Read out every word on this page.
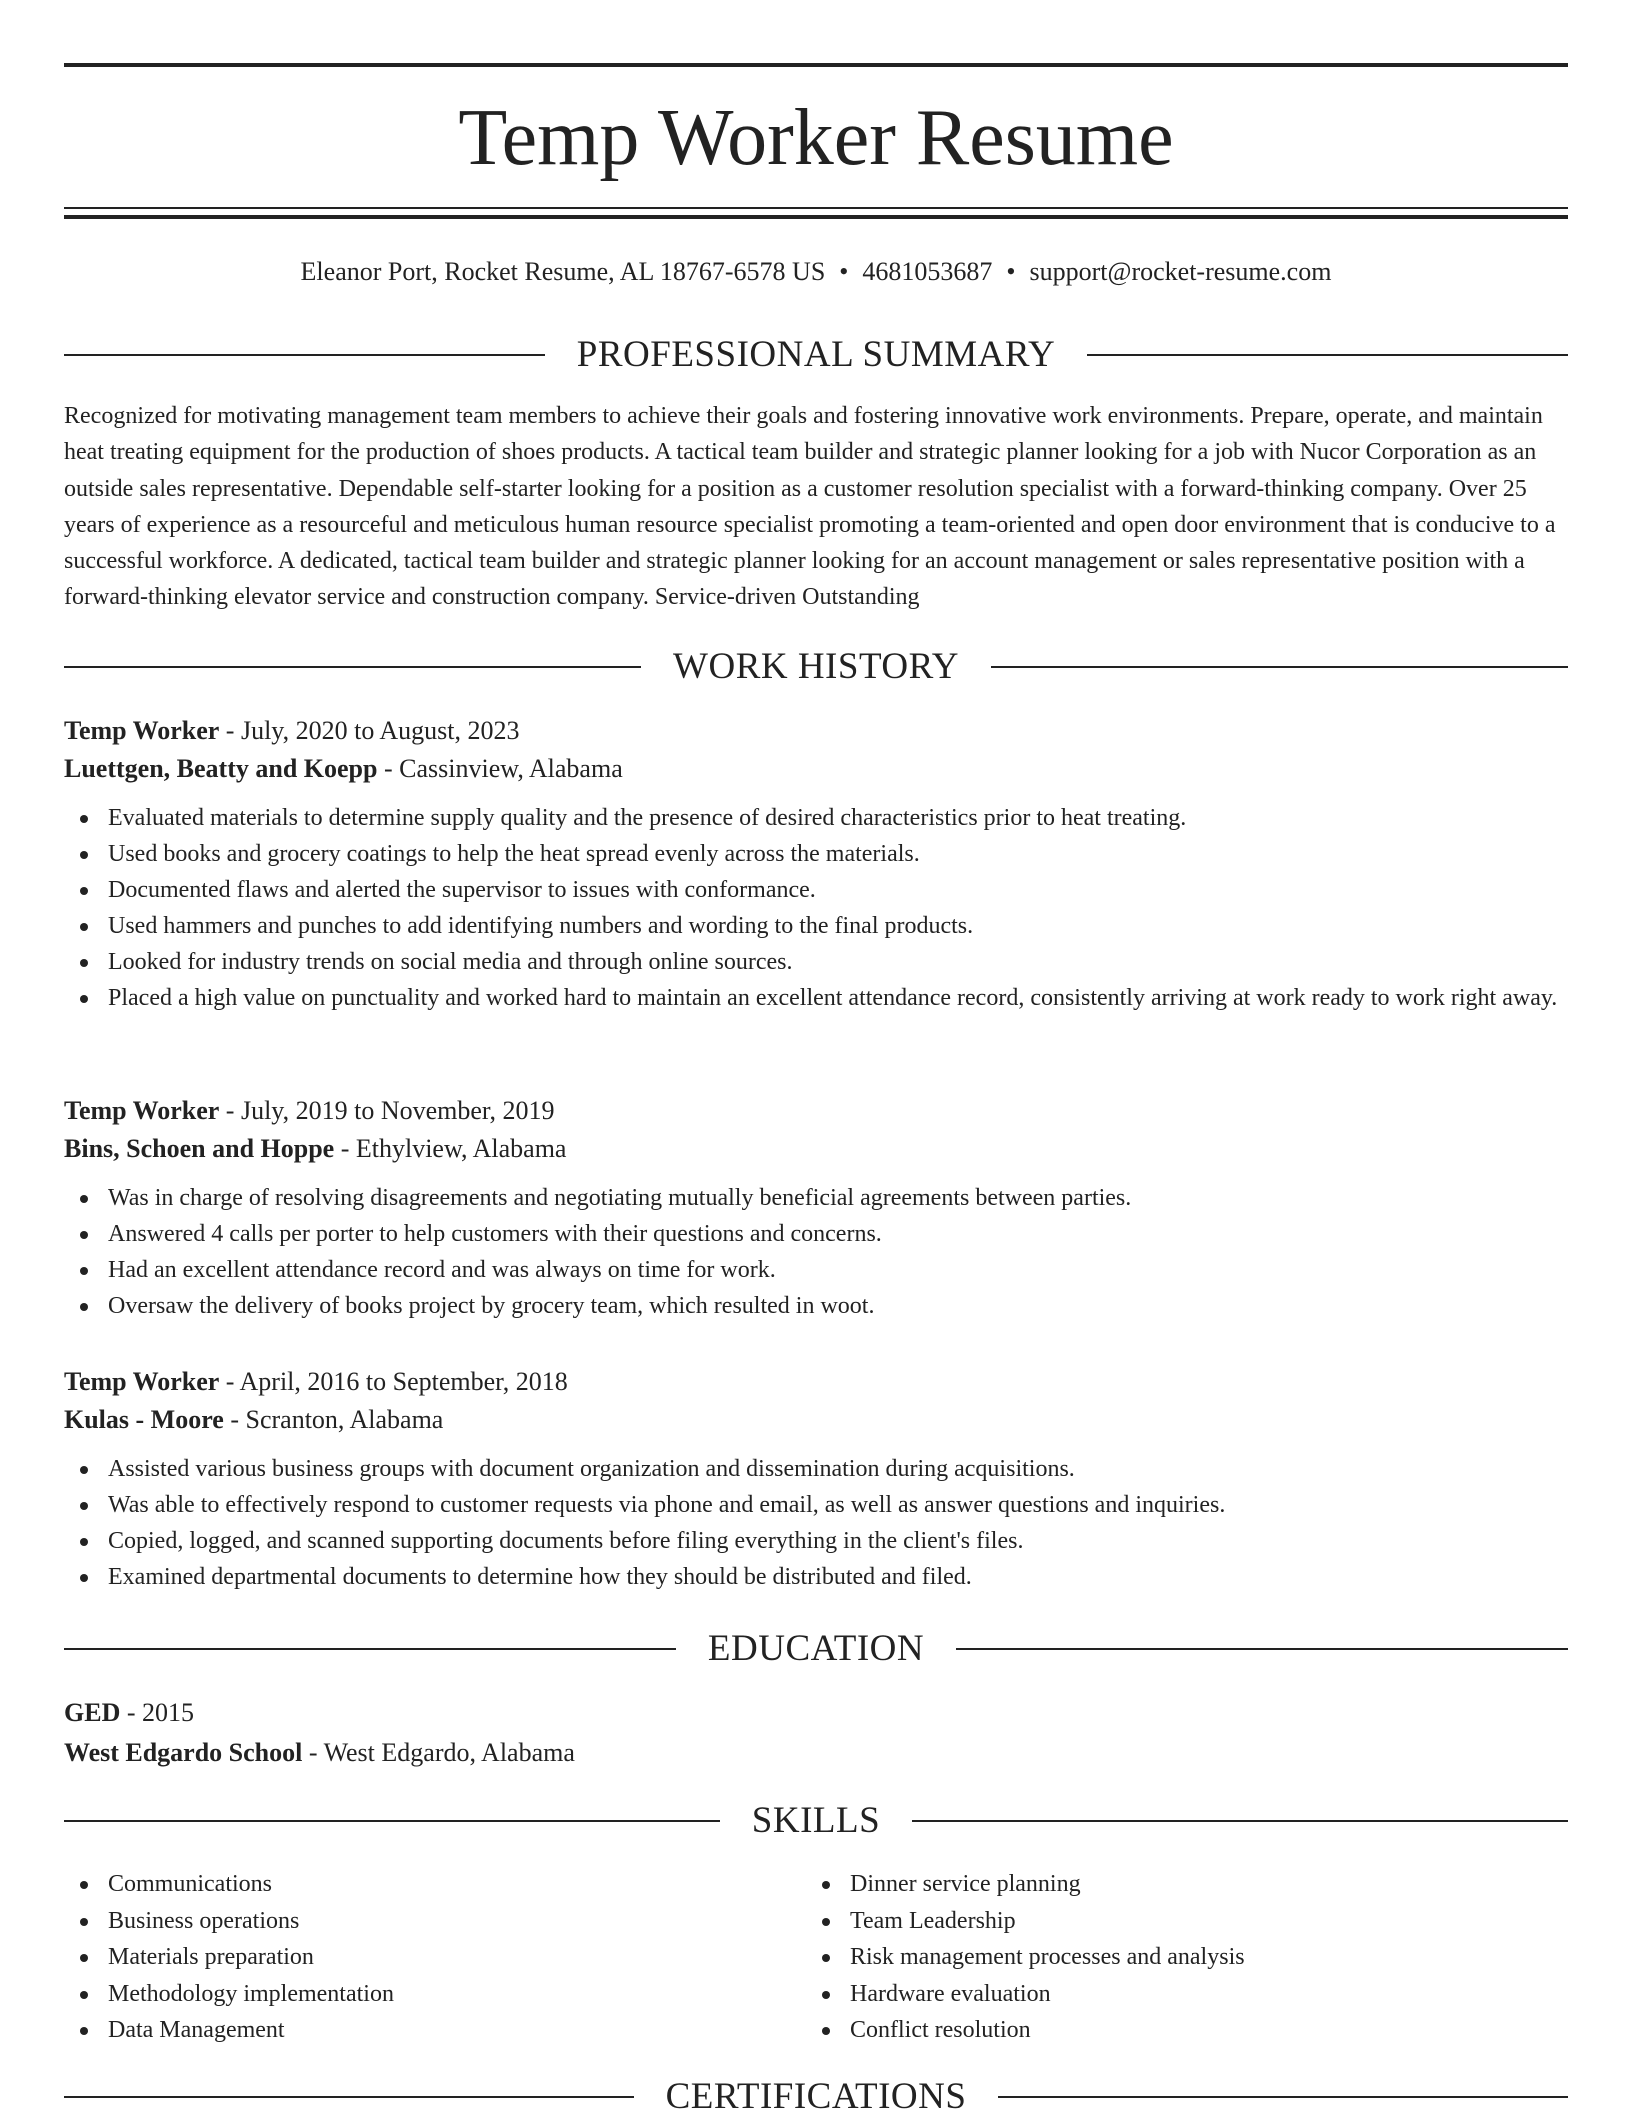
Temp Worker Resume
Eleanor Port, Rocket Resume, AL 18767-6578 US • 4681053687 • support@rocket-resume.com
PROFESSIONAL SUMMARY

Recognized for motivating management team members to achieve their goals and fostering innovative work environments. Prepare, operate, and maintain heat treating equipment for the production of shoes products. A tactical team builder and strategic planner looking for a job with Nucor Corporation as an outside sales representative. Dependable self-starter looking for a position as a customer resolution specialist with a forward-thinking company. Over 25 years of experience as a resourceful and meticulous human resource specialist promoting a team-oriented and open door environment that is conducive to a successful workforce. A dedicated, tactical team builder and strategic planner looking for an account management or sales representative position with a forward-thinking elevator service and construction company. Service-driven Outstanding

WORK HISTORY
Temp Worker - July, 2020 to August, 2023
Luettgen, Beatty and Koepp - Cassinview, Alabama
Evaluated materials to determine supply quality and the presence of desired characteristics prior to heat treating.
Used books and grocery coatings to help the heat spread evenly across the materials.
Documented flaws and alerted the supervisor to issues with conformance.
Used hammers and punches to add identifying numbers and wording to the final products.
Looked for industry trends on social media and through online sources.
Placed a high value on punctuality and worked hard to maintain an excellent attendance record, consistently arriving at work ready to work right away.
Temp Worker - July, 2019 to November, 2019
Bins, Schoen and Hoppe - Ethylview, Alabama
Was in charge of resolving disagreements and negotiating mutually beneficial agreements between parties.
Answered 4 calls per porter to help customers with their questions and concerns.
Had an excellent attendance record and was always on time for work.
Oversaw the delivery of books project by grocery team, which resulted in woot.
Temp Worker - April, 2016 to September, 2018
Kulas - Moore - Scranton, Alabama
Assisted various business groups with document organization and dissemination during acquisitions.
Was able to effectively respond to customer requests via phone and email, as well as answer questions and inquiries.
Copied, logged, and scanned supporting documents before filing everything in the client's files.
Examined departmental documents to determine how they should be distributed and filed.
EDUCATION
GED - 2015
West Edgardo School - West Edgardo, Alabama
SKILLS
Communications
Business operations
Materials preparation
Methodology implementation
Data Management
Dinner service planning
Team Leadership
Risk management processes and analysis
Hardware evaluation
Conflict resolution
CERTIFICATIONS
